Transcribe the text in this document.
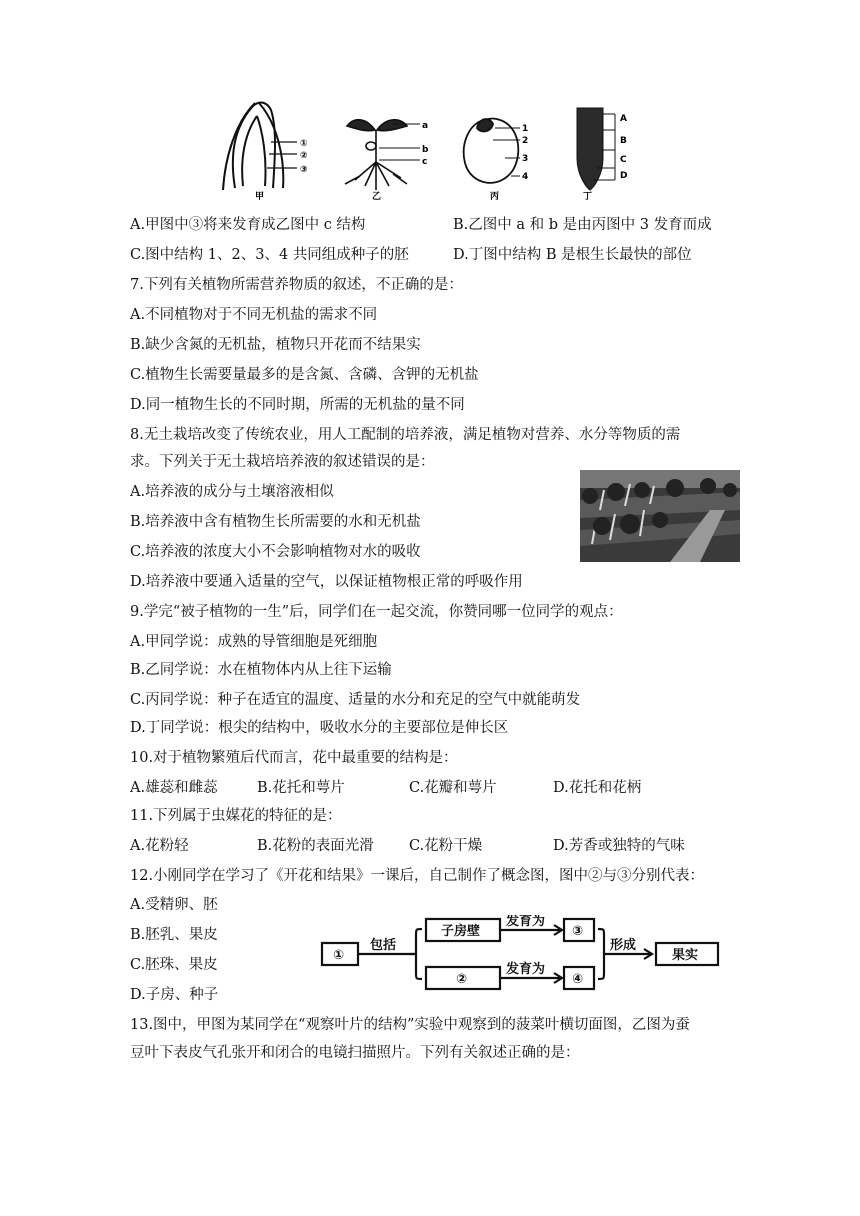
①
②
③
甲
a
b
c
乙
1
2
3
4
丙
A
B
C
D
丁
A.甲图中③将来发育成乙图中 c 结构	B.乙图中 a 和 b 是由丙图中 3 发育而成
C.图中结构 1、2、3、4 共同组成种子的胚	D.丁图中结构 B 是根生长最快的部位
7.下列有关植物所需营养物质的叙述，不正确的是：
A.不同植物对于不同无机盐的需求不同
B.缺少含氮的无机盐，植物只开花而不结果实
C.植物生长需要量最多的是含氮、含磷、含钾的无机盐
D.同一植物生长的不同时期，所需的无机盐的量不同
8.无土栽培改变了传统农业，用人工配制的培养液，满足植物对营养、水分等物质的需
求。下列关于无土栽培培养液的叙述错误的是：
A.培养液的成分与土壤溶液相似
B.培养液中含有植物生长所需要的水和无机盐
C.培养液的浓度大小不会影响植物对水的吸收
D.培养液中要通入适量的空气，以保证植物根正常的呼吸作用
9.学完“被子植物的一生”后，同学们在一起交流，你赞同哪一位同学的观点：
A.甲同学说：成熟的导管细胞是死细胞
B.乙同学说：水在植物体内从上往下运输
C.丙同学说：种子在适宜的温度、适量的水分和充足的空气中就能萌发
D.丁同学说：根尖的结构中，吸收水分的主要部位是伸长区
10.对于植物繁殖后代而言，花中最重要的结构是：
A.雄蕊和雌蕊	B.花托和萼片	C.花瓣和萼片	D.花托和花柄
11.下列属于虫媒花的特征的是：
A.花粉轻	B.花粉的表面光滑 C.花粉干燥	D.芳香或独特的气味
12.小刚同学在学习了《开花和结果》一课后，自己制作了概念图，图中②与③分别代表：
A.受精卵、胚
B.胚乳、果皮
C.胚珠、果皮
D.子房、种子
①
包括
子房壁
发育为
③
②
发育为
④
形成
果实
13.图中，甲图为某同学在“观察叶片的结构”实验中观察到的菠菜叶横切面图，乙图为蚕
豆叶下表皮气孔张开和闭合的电镜扫描照片。下列有关叙述正确的是：
